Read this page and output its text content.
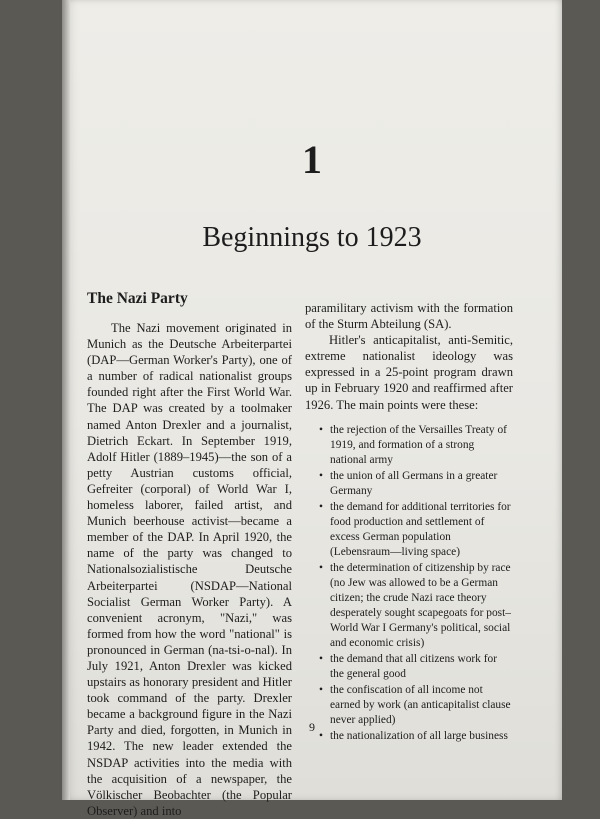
1
Beginnings to 1923

The Nazi Party

The Nazi movement originated in Munich as the Deutsche Arbeiterpartei (DAP—German Worker's Party), one of a number of radical nationalist groups founded right after the First World War. The DAP was created by a toolmaker named Anton Drexler and a journalist, Dietrich Eckart. In September 1919, Adolf Hitler (1889–1945)—the son of a petty Austrian customs official, Gefreiter (corporal) of World War I, homeless laborer, failed artist, and Munich beerhouse activist—became a member of the DAP. In April 1920, the name of the party was changed to Nationalsozialistische Deutsche Arbeiterpartei (NSDAP—National Socialist German Worker Party). A convenient acronym, "Nazi," was formed from how the word "national" is pronounced in German (na-tsi-o-nal). In July 1921, Anton Drexler was kicked upstairs as honorary president and Hitler took command of the party. Drexler became a background figure in the Nazi Party and died, forgotten, in Munich in 1942. The new leader extended the NSDAP activities into the media with the acquisition of a newspaper, the Völkischer Beobachter (the Popular Observer) and into

paramilitary activism with the formation of the Sturm Abteilung (SA).

Hitler's anticapitalist, anti-Semitic, extreme nationalist ideology was expressed in a 25-point program drawn up in February 1920 and reaffirmed after 1926. The main points were these:

• the rejection of the Versailles Treaty of 1919, and formation of a strong national army
• the union of all Germans in a greater Germany
• the demand for additional territories for food production and settlement of excess German population (Lebensraum—living space)
• the determination of citizenship by race (no Jew was allowed to be a German citizen; the crude Nazi race theory desperately sought scapegoats for post–World War I Germany's political, social and economic crisis)
• the demand that all citizens work for the general good
• the confiscation of all income not earned by work (an anticapitalist clause never applied)
• the nationalization of all large business
9
